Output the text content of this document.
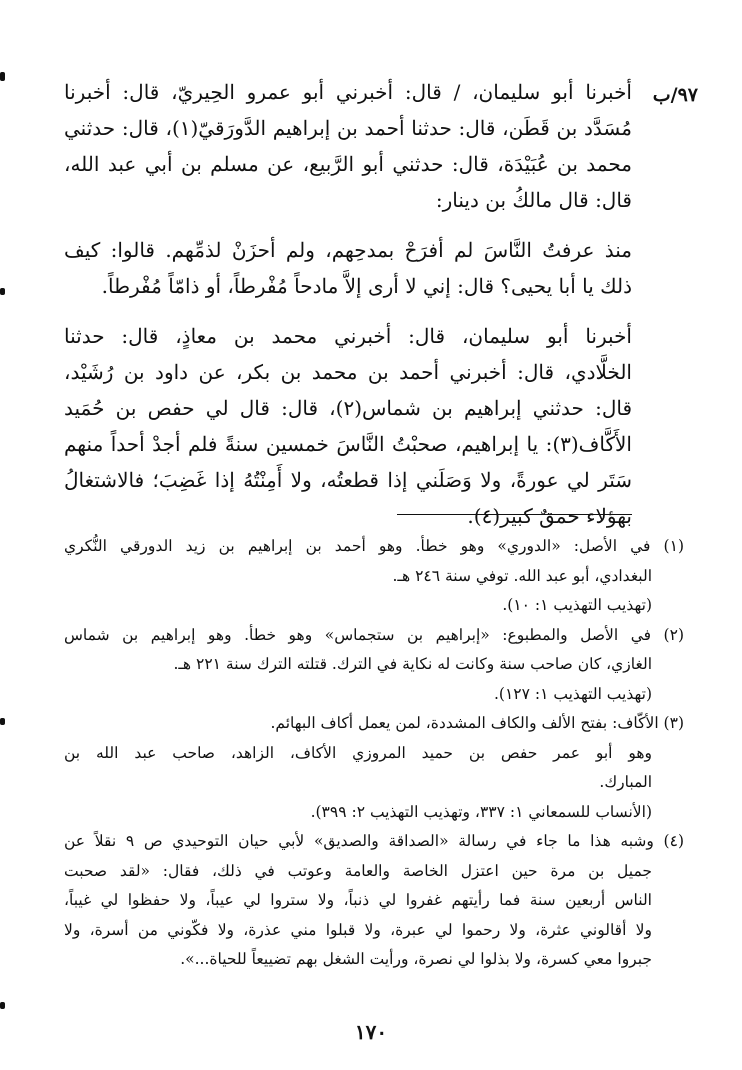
٩٧/ب
أخبرنا أبو سليمان، / قال: أخبرني أبو عمرو الحِيريّ، قال: أخبرنا
مُسَدَّد بن قَطَن، قال: حدثنا أحمد بن إبراهيم الدَّورَقيّ(١)، قال: حدثني
محمد بن عُبَيْدَة، قال: حدثني أبو الرَّبيع، عن مسلم بن أبي عبد الله،
قال: قال مالكُ بن دينار:
منذ عرفتُ النَّاسَ لم أفرَحْ بمدحِهم، ولم أحزَنْ لذمِّهم. قالوا: كيف
ذلك يا أبا يحيى؟ قال: إني لا أرى إلاَّ مادحاً مُفْرطاً، أو ذامّاً مُفْرطاً.
أخبرنا أبو سليمان، قال: أخبرني محمد بن معاذٍ، قال: حدثنا
الخلَّادي، قال: أخبرني أحمد بن محمد بن بكر، عن داود بن رُشَيْد،
قال: حدثني إبراهيم بن شماس(٢)، قال: قال لي حفص بن حُمَيد
الأَكَّاف(٣): يا إبراهيم، صحبْتُ النَّاسَ خمسين سنةً فلم أجدْ أحداً منهم
سَتَر لي عورةً، ولا وَصَلَني إذا قطعتُه، ولا أَمِنْتُهُ إذا غَضِبَ؛ فالاشتغالُ
بهؤلاء حمقٌ كبير(٤).
(١) في الأصل: «الدوري» وهو خطأ. وهو أحمد بن إبراهيم بن زيد الدورقي النُّكري
البغدادي، أبو عبد الله. توفي سنة ٢٤٦ هـ.
(تهذيب التهذيب ١: ١٠).
(٢) في الأصل والمطبوع: «إبراهيم بن ستجماس» وهو خطأ. وهو إبراهيم بن شماس
الغازي، كان صاحب سنة وكانت له نكاية في الترك. قتلته الترك سنة ٢٢١ هـ.
(تهذيب التهذيب ١: ١٢٧).
(٣) الأكّاف: بفتح الألف والكاف المشددة، لمن يعمل أكاف البهائم.
وهو أبو عمر حفص بن حميد المروزي الأكاف، الزاهد، صاحب عبد الله بن
المبارك.
(الأنساب للسمعاني ١: ٣٣٧، وتهذيب التهذيب ٢: ٣٩٩).
(٤) وشبه هذا ما جاء في رسالة «الصداقة والصديق» لأبي حيان التوحيدي ص ٩ نقلاً عن
جميل بن مرة حين اعتزل الخاصة والعامة وعوتب في ذلك، فقال: «لقد صحبت
الناس أربعين سنة فما رأيتهم غفروا لي ذنباً، ولا ستروا لي عيباً، ولا حفظوا لي غيباً،
ولا أقالوني عثرة، ولا رحموا لي عبرة، ولا قبلوا مني عذرة، ولا فكّوني من أسرة، ولا
جبروا معي كسرة، ولا بذلوا لي نصرة، ورأيت الشغل بهم تضييعاً للحياة...».
١٧٠
